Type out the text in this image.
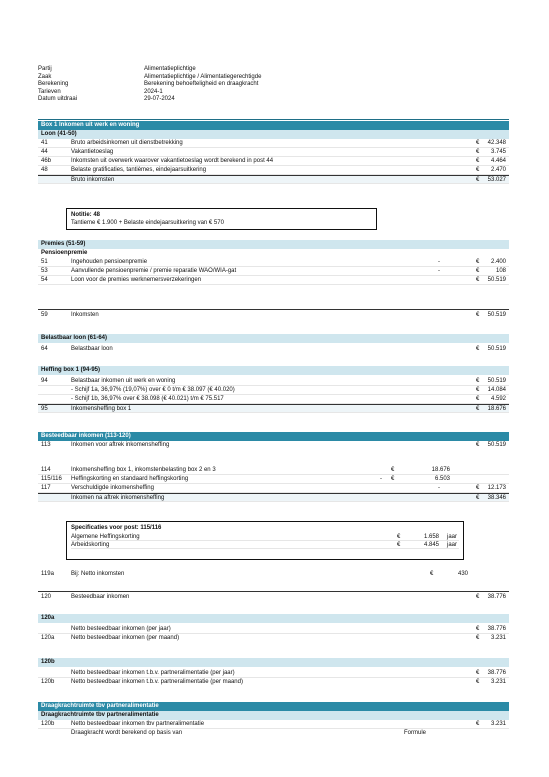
Partij	Alimentatieplichtige
Zaak	Alimentatieplichtige / Alimentatiegerechtigde
Berekening	Berekening behoefteligheid en draagkracht
Tarieven	2024-1
Datum uitdraai	29-07-2024
Box 1 Inkomen uit werk en woning
Loon (41-50)
41	Bruto arbeidsinkomen uit dienstbetrekking	€ 42.348
44	Vakantietoeslag	€ 3.745
46b	Inkomsten uit overwerk waarover vakantietoeslag wordt berekend in post 44	€ 4.464
48	Belaste gratificaties, tantièmes, eindejaarsuitkering	€ 2.470
Bruto inkomsten	€ 53.027
Notitie: 48
Tantieme € 1.900 + Belaste eindejaarsuitkering van € 570
Premies (51-59)
Pensioenpremie
51	Ingehouden pensioenpremie	-	€ 2.400
53	Aanvullende pensioenpremie / premie reparatie WAO/WIA-gat	-	€	108
54	Loon voor de premies werknemersverzekeringen	€ 50.519
59	Inkomsten	€ 50.519
Belastbaar loon (61-64)
64	Belastbaar loon	€ 50.519
Heffing box 1 (94-95)
94	Belastbaar inkomen uit werk en woning	€ 50.519
- Schijf 1a, 36,97% (19,07%) over € 0 t/m € 38.097 (€ 40.020)	€ 14.084
- Schijf 1b, 36,97% over € 38.098 (€ 40.021) t/m € 75.517	€ 4.592
95	Inkomensheffing box 1	€ 18.676
Besteedbaar inkomen (113-120)
113	Inkomen voor aftrek inkomensheffing	€ 50.519
114	Inkomensheffing box 1, inkomstenbelasting box 2 en 3	€	18.676
115/116 Heffingskorting en standaard heffingskorting	- €	6.503
117	Verschuldigde inkomensheffing	-	€ 12.173
Inkomen na aftrek inkomensheffing	€ 38.346
Specificaties voor post: 115/116
Algemene Heffingskorting	€	1.658 jaar
Arbeidskorting	€	4.845 jaar
119a	Bij: Netto inkomsten	€	430
120	Besteedbaar inkomen	€ 38.776
120a
Netto besteedbaar inkomen (per jaar)	€ 38.776
120a	Netto besteedbaar inkomen (per maand)	€ 3.231
120b
Netto besteedbaar inkomen t.b.v. partneralimentatie (per jaar)	€ 38.776
120b	Netto besteedbaar inkomen t.b.v. partneralimentatie (per maand)	€ 3.231
Draagkrachtruimte tbv partneralimentatie
Draagkrachtruimte tbv partneralimentatie
120b	Netto besteedbaar inkomen tbv partneralimentatie	€ 3.231
Draagkracht wordt berekend op basis van	Formule
